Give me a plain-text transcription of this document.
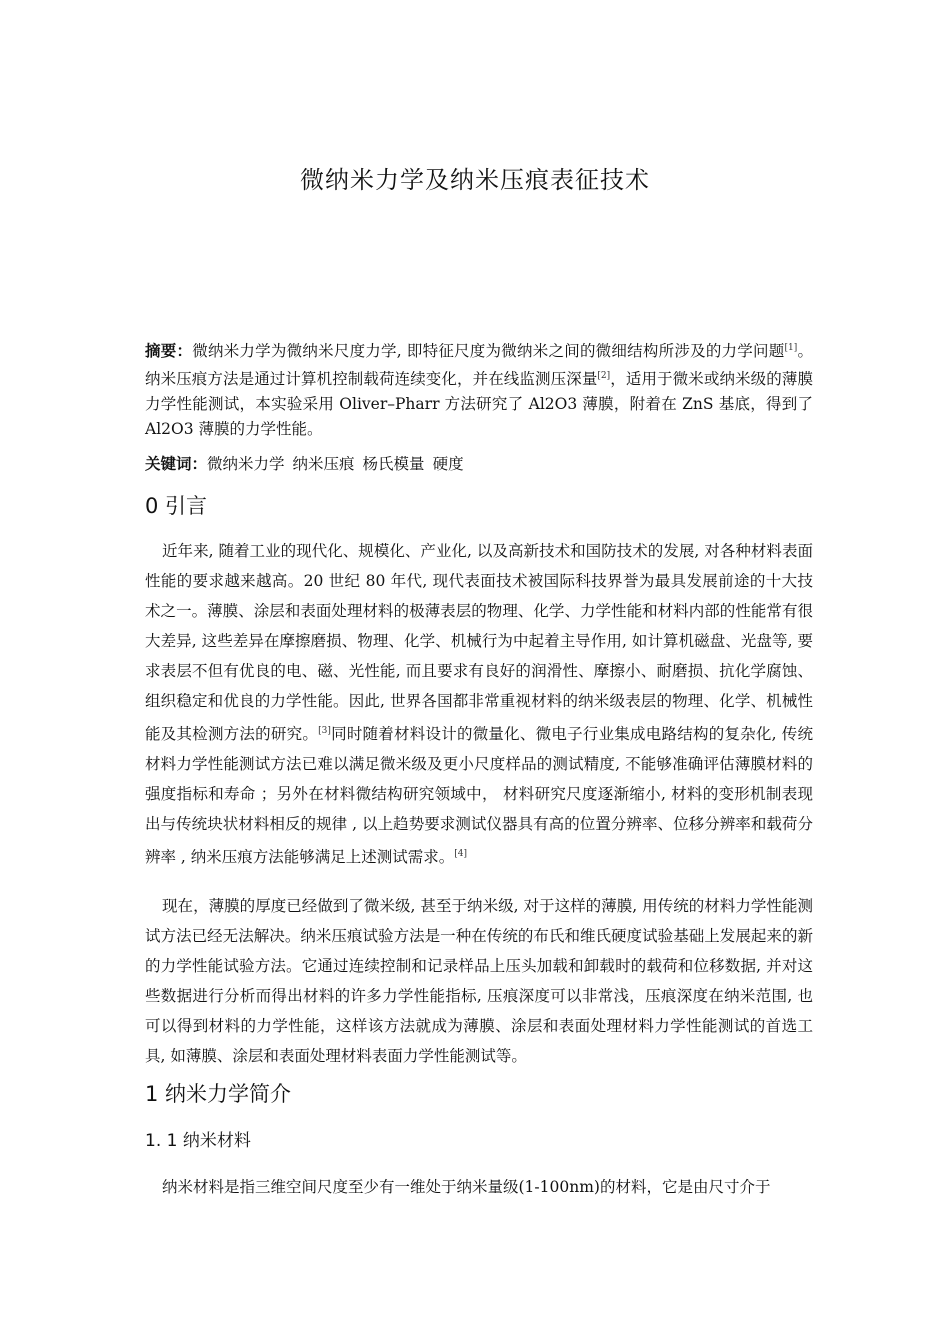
微纳米力学及纳米压痕表征技术
摘要：微纳米力学为微纳米尺度力学, 即特征尺度为微纳米之间的微细结构所涉及的力学问题[1]。纳米压痕方法是通过计算机控制载荷连续变化，并在线监测压深量[2]，适用于微米或纳米级的薄膜力学性能测试，本实验采用 Oliver–Pharr 方法研究了 Al2O3 薄膜，附着在 ZnS 基底，得到了 Al2O3 薄膜的力学性能。
关键词：微纳米力学 纳米压痕 杨氏模量 硬度
0 引言
近年来, 随着工业的现代化、规模化、产业化, 以及高新技术和国防技术的发展, 对各种材料表面性能的要求越来越高。20 世纪 80 年代, 现代表面技术被国际科技界誉为最具发展前途的十大技术之一。薄膜、涂层和表面处理材料的极薄表层的物理、化学、力学性能和材料内部的性能常有很大差异, 这些差异在摩擦磨损、物理、化学、机械行为中起着主导作用, 如计算机磁盘、光盘等, 要求表层不但有优良的电、磁、光性能, 而且要求有良好的润滑性、摩擦小、耐磨损、抗化学腐蚀、组织稳定和优良的力学性能。因此, 世界各国都非常重视材料的纳米级表层的物理、化学、机械性能及其检测方法的研究。[3]同时随着材料设计的微量化、微电子行业集成电路结构的复杂化, 传统材料力学性能测试方法已难以满足微米级及更小尺度样品的测试精度, 不能够准确评估薄膜材料的强度指标和寿命 ；另外在材料微结构研究领域中， 材料研究尺度逐渐缩小, 材料的变形机制表现出与传统块状材料相反的规律 , 以上趋势要求测试仪器具有高的位置分辨率、位移分辨率和载荷分辨率 , 纳米压痕方法能够满足上述测试需求。[4]
现在，薄膜的厚度已经做到了微米级, 甚至于纳米级, 对于这样的薄膜, 用传统的材料力学性能测试方法已经无法解决。纳米压痕试验方法是一种在传统的布氏和维氏硬度试验基础上发展起来的新的力学性能试验方法。它通过连续控制和记录样品上压头加载和卸载时的载荷和位移数据, 并对这些数据进行分析而得出材料的许多力学性能指标, 压痕深度可以非常浅，压痕深度在纳米范围, 也可以得到材料的力学性能，这样该方法就成为薄膜、涂层和表面处理材料力学性能测试的首选工具, 如薄膜、涂层和表面处理材料表面力学性能测试等。
1 纳米力学简介
1. 1 纳米材料
纳米材料是指三维空间尺度至少有一维处于纳米量级(1-100nm)的材料，它是由尺寸介于
